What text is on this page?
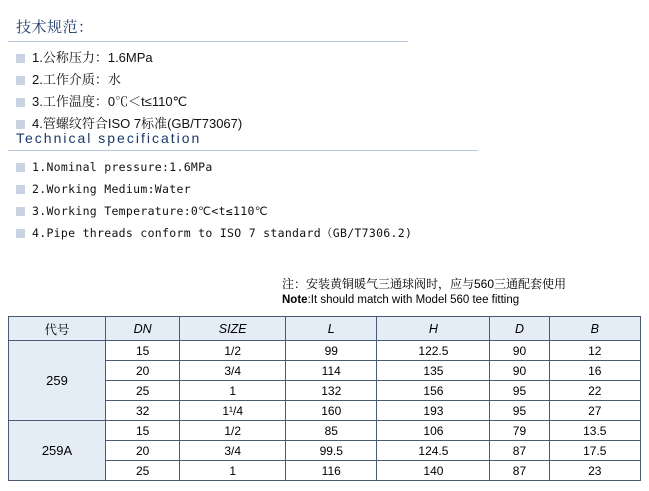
技术规范：
1.公称压力：1.6MPa
2.工作介质：水
3.工作温度：0℃＜t≤110℃
4.管螺纹符合ISO 7标准(GB/T73067)
Technical specification
1.Nominal pressure:1.6MPa
2.Working Medium:Water
3.Working Temperature:0℃<t≤110℃
4.Pipe threads conform to ISO 7 standard（GB/T7306.2)
注：安装黄铜暖气三通球阀时，应与560三通配套使用
Note:It should match with Model 560 tee fitting
代号	DN	SIZE	L	H	D	B
259	15	1/2	99	122.5	90	12
	20	3/4	114	135	90	16
	25	1	132	156	95	22
	32	1¹/4	160	193	95	27
259A	15	1/2	85	106	79	13.5
	20	3/4	99.5	124.5	87	17.5
	25	1	116	140	87	23
